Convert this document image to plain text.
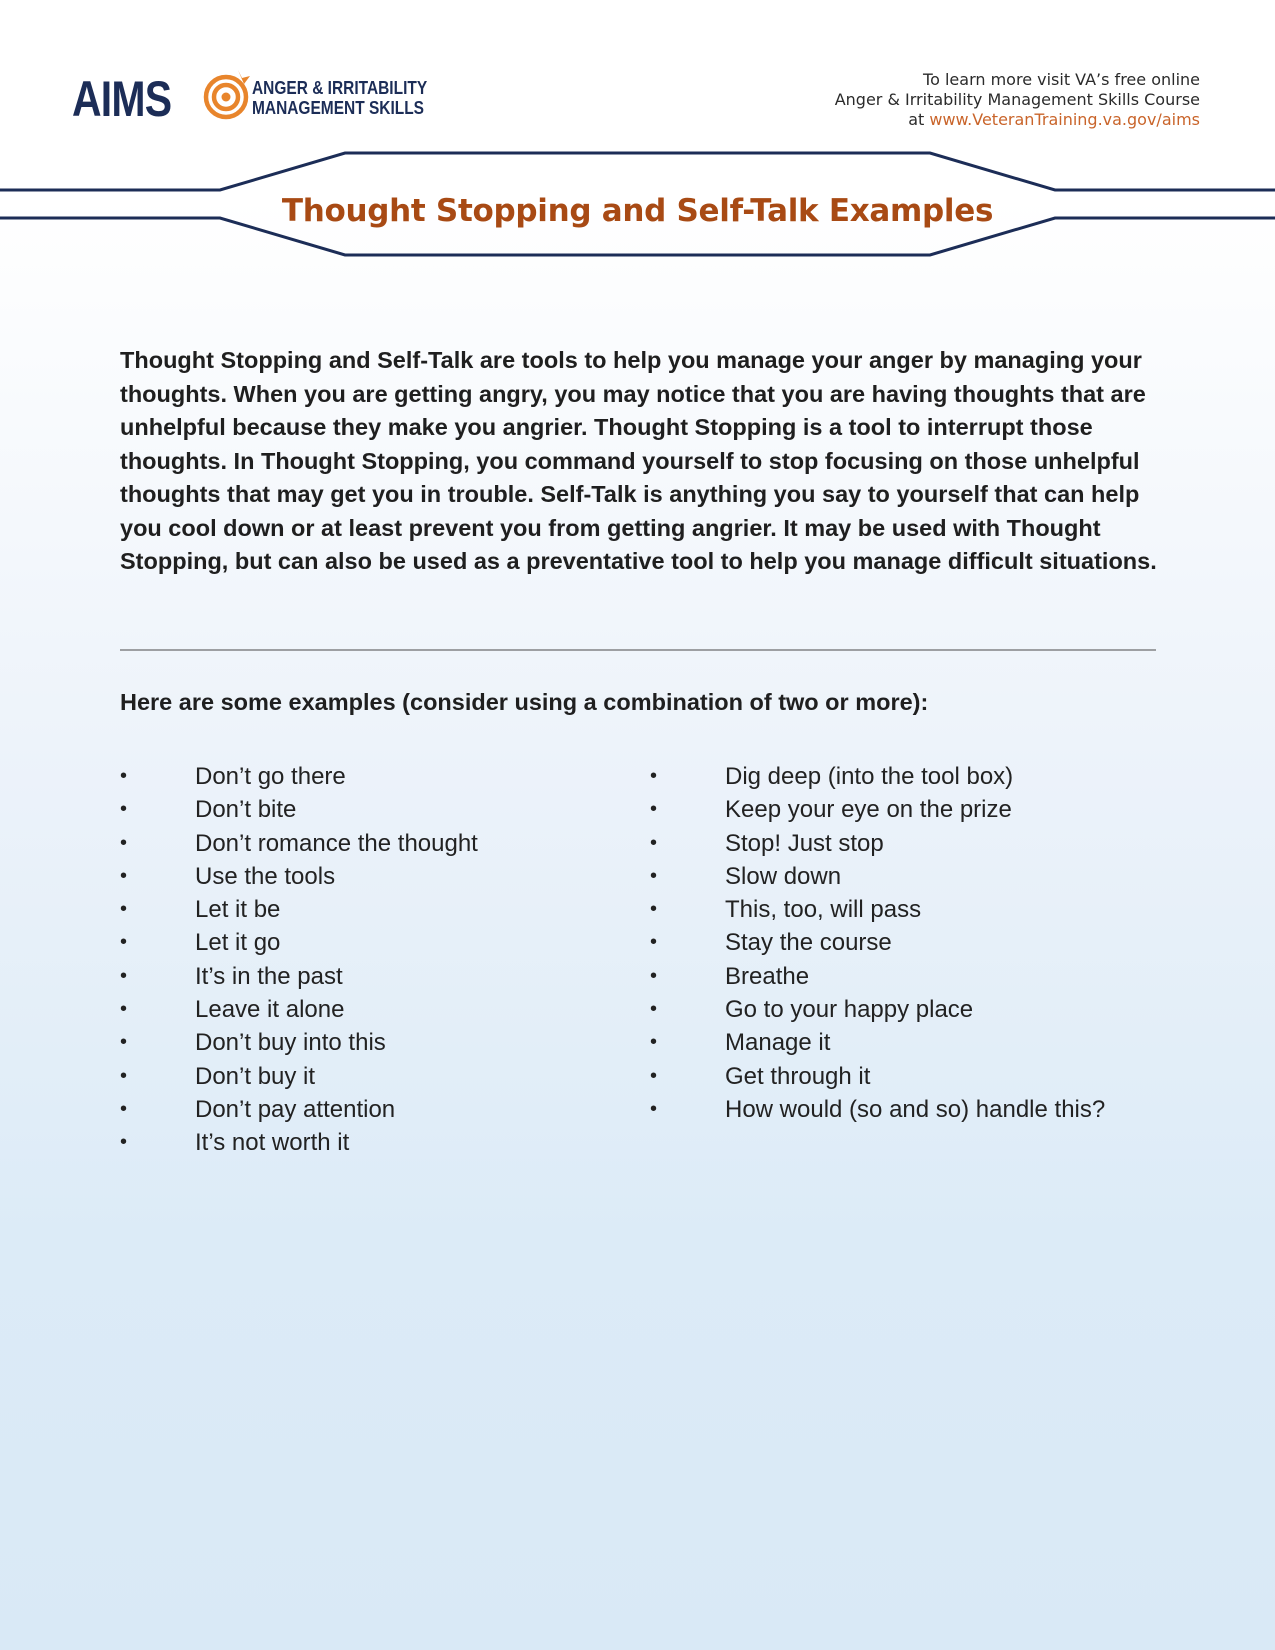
AIMS	ANGER & IRRITABILITY
MANAGEMENT SKILLS
To learn more visit VA’s free online
Anger & Irritability Management Skills Course
at www.VeteranTraining.va.gov/aims
Thought Stopping and Self-Talk Examples

Thought Stopping and Self-Talk are tools to help you manage your anger by managing your thoughts. When you are getting angry, you may notice that you are having thoughts that are unhelpful because they make you angrier. Thought Stopping is a tool to interrupt those thoughts. In Thought Stopping, you command yourself to stop focusing on those unhelpful thoughts that may get you in trouble. Self-Talk is anything you say to yourself that can help you cool down or at least prevent you from getting angrier. It may be used with Thought Stopping, but can also be used as a preventative tool to help you manage difficult situations.

Here are some examples (consider using a combination of two or more):

•	Don’t go there
•	Don’t bite
•	Don’t romance the thought
•	Use the tools
•	Let it be
•	Let it go
•	It’s in the past
•	Leave it alone
•	Don’t buy into this
•	Don’t buy it
•	Don’t pay attention
•	It’s not worth it
•	Dig deep (into the tool box)
•	Keep your eye on the prize
•	Stop! Just stop
•	Slow down
•	This, too, will pass
•	Stay the course
•	Breathe
•	Go to your happy place
•	Manage it
•	Get through it
•	How would (so and so) handle this?
